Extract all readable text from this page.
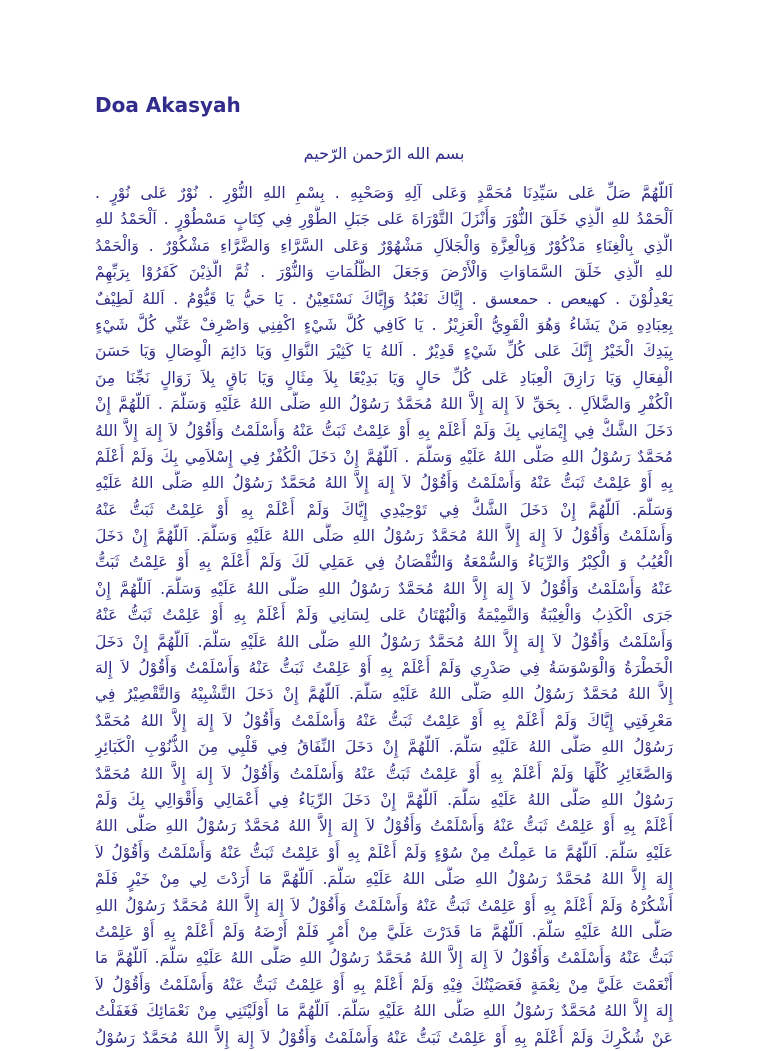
Doa Akasyah

بسم الله الرّحمن الرّحيم

اَللّهُمَّ صَلِّ عَلى سَيِّدِنَا مُحَمَّدٍ وَعَلى آلِهِ وَصَحْبِهِ . بِسْمِ اللهِ النُّوْرِ . نُوْرٌ عَلى نُوْرٍ .
اَلْحَمْدُ للهِ الَّذِي خَلَقَ النُّوْرَ وَأَنْزَلَ التَّوْرَاةَ عَلى جَبَلِ الطُّوْرِ فِي كِتَابٍ مَسْطُوْرٍ . اَلْحَمْدُ للهِ
الَّذِي بِالْغِنَاءِ مَذْكُوْرٌ وَبِالْعِزَّةِ وَالْجَلاَلِ مَشْهُوْرٌ وَعَلى السَّرَّاءِ وَالضَّرَّاءِ مَشْكُوْرٌ . وَالْحَمْدُ
للهِ الَّذِي خَلَقَ السَّمَاوَاتِ وَالْأَرْضَ وَجَعَلَ الظُّلُمَاتِ وَالنُّوْرَ . ثُمَّ الَّذِيْنَ كَفَرُوْا بِرَبِّهِمْ
يَعْدِلُوْنَ . كهيعص . حمعسق . إِيَّاكَ نَعْبُدُ وَإِيَّاكَ نَسْتَعِيْنُ . يَا حَيُّ يَا قَيُّوْمُ . اَللهُ لَطِيْفٌ
بِعِبَادِهِ مَنْ يَشَاءُ وَهُوَ الْقَوِيُّ الْعَزِيْزُ . يَا كَافِي كُلَّ شَيْءٍ اكْفِنِي وَاصْرِفْ عَنِّي كُلَّ شَيْءٍ
بِيَدِكَ الْخَيْرُ إِنَّكَ عَلى كُلِّ شَيْءٍ قَدِيْرٌ . اَللهُ يَا كَثِيْرَ النَّوَالِ وَيَا دَائِمَ الْوِصَالِ وَيَا حَسَنَ
الْفِعَالِ وَيَا رَازِقَ الْعِبَادِ عَلى كُلِّ حَالٍ وَيَا بَدِيْعًا بِلاَ مِثَالٍ وَيَا بَاقٍ بِلاَ زَوَالٍ نَجِّنَا مِنَ
الْكُفْرِ وَالضَّلاَلِ . بِحَقِّ لاَ إِلهَ إِلاَّ اللهُ مُحَمَّدٌ رَسُوْلُ اللهِ صَلَّى اللهُ عَلَيْهِ وَسَلَّمَ . اَللّهُمَّ إِنْ
دَخَلَ الشَّكُّ فِي إِيْمَانِي بِكَ وَلَمْ أَعْلَمْ بِهِ أَوْ عَلِمْتُ ثَبَتُّ عَنْهُ وَأَسْلَمْتُ وَأَقُوْلُ لاَ إِلهَ إِلاَّ اللهُ
مُحَمَّدٌ رَسُوْلُ اللهِ صَلَّى اللهُ عَلَيْهِ وَسَلَّمَ . اَللّهُمَّ إِنْ دَخَلَ الْكُفْرُ فِي إِسْلاَمِي بِكَ وَلَمْ أَعْلَمْ
بِهِ أَوْ عَلِمْتُ ثَبَتُّ عَنْهُ وَأَسْلَمْتُ وَأَقُوْلُ لاَ إِلهَ إِلاَّ اللهُ مُحَمَّدٌ رَسُوْلُ اللهِ صَلَّى اللهُ عَلَيْهِ
وَسَلَّمَ. اَللّهُمَّ إِنْ دَخَلَ الشَّكُّ فِي تَوْحِيْدِي إِيَّاكَ وَلَمْ أَعْلَمْ بِهِ أَوْ عَلِمْتُ ثَبَتُّ عَنْهُ
وَأَسْلَمْتُ وَأَقُوْلُ لاَ إِلهَ إِلاَّ اللهُ مُحَمَّدٌ رَسُوْلُ اللهِ صَلَّى اللهُ عَلَيْهِ وَسَلَّمَ. اَللّهُمَّ إِنْ دَخَلَ
الْعُيُبُ وَ الْكِبْرُ وَالرِّيَاءُ وَالسُّمْعَةُ وَالنُّقْصَانُ فِي عَمَلِي لَكَ وَلَمْ أَعْلَمْ بِهِ أَوْ عَلِمْتُ ثَبَتُّ
عَنْهُ وَأَسْلَمْتُ وَأَقُوْلُ لاَ إِلهَ إِلاَّ اللهُ مُحَمَّدٌ رَسُوْلُ اللهِ صَلَّى اللهُ عَلَيْهِ وَسَلَّمَ. اَللّهُمَّ إِنْ
جَرَى الْكَذِبُ وَالْغِيْبَةُ وَالنَّمِيْمَةُ وَالْبُهْتَانُ عَلى لِسَانِي وَلَمْ أَعْلَمْ بِهِ أَوْ عَلِمْتُ ثَبَتُّ عَنْهُ
وَأَسْلَمْتُ وَأَقُوْلُ لاَ إِلهَ إِلاَّ اللهُ مُحَمَّدٌ رَسُوْلُ اللهِ صَلَّى اللهُ عَلَيْهِ سَلَّمَ. اَللّهُمَّ إِنْ دَخَلَ
الْخَطْرَةُ وَالْوَسْوَسَةُ فِي صَدْرِي وَلَمْ أَعْلَمْ بِهِ أَوْ عَلِمْتُ ثَبَتُّ عَنْهُ وَأَسْلَمْتُ وَأَقُوْلُ لاَ إِلهَ
إِلاَّ اللهُ مُحَمَّدٌ رَسُوْلُ اللهِ صَلَّى اللهُ عَلَيْهِ سَلَّمَ. اَللّهُمَّ إِنْ دَخَلَ التَّشْبِيْهُ وَالتَّقْصِيْرُ فِي
مَعْرِفَتِي إِيَّاكَ وَلَمْ أَعْلَمْ بِهِ أَوْ عَلِمْتُ ثَبَتُّ عَنْهُ وَأَسْلَمْتُ وَأَقُوْلُ لاَ إِلهَ إِلاَّ اللهُ مُحَمَّدٌ
رَسُوْلُ اللهِ صَلَّى اللهُ عَلَيْهِ سَلَّمَ. اَللّهُمَّ إِنْ دَخَلَ النِّفَاقُ فِي قَلْبِي مِنَ الذُّنُوْبِ الْكَبَائِرِ
وَالصَّغَائِرِ كُلِّهَا وَلَمْ أَعْلَمْ بِهِ أَوْ عَلِمْتُ ثَبَتُّ عَنْهُ وَأَسْلَمْتُ وَأَقُوْلُ لاَ إِلهَ إِلاَّ اللهُ مُحَمَّدٌ
رَسُوْلُ اللهِ صَلَّى اللهُ عَلَيْهِ سَلَّمَ. اَللّهُمَّ إِنْ دَخَلَ الرِّيَاءُ فِي أَعْمَالِي وَأَقْوَالِي بِكَ وَلَمْ
أَعْلَمْ بِهِ أَوْ عَلِمْتُ ثَبَتُّ عَنْهُ وَأَسْلَمْتُ وَأَقُوْلُ لاَ إِلهَ إِلاَّ اللهُ مُحَمَّدٌ رَسُوْلُ اللهِ صَلَّى اللهُ
عَلَيْهِ سَلَّمَ. اَللّهُمَّ مَا عَمِلْتُ مِنْ سُوْءٍ وَلَمْ أَعْلَمْ بِهِ أَوْ عَلِمْتُ ثَبَتُّ عَنْهُ وَأَسْلَمْتُ وَأَقُوْلُ لاَ
إِلهَ إِلاَّ اللهُ مُحَمَّدٌ رَسُوْلُ اللهِ صَلَّى اللهُ عَلَيْهِ سَلَّمَ. اَللّهُمَّ مَا أَرَدْتَ لِي مِنْ خَيْرٍ فَلَمْ
أَشْكُرْهُ وَلَمْ أَعْلَمْ بِهِ أَوْ عَلِمْتُ ثَبَتُّ عَنْهُ وَأَسْلَمْتُ وَأَقُوْلُ لاَ إِلهَ إِلاَّ اللهُ مُحَمَّدٌ رَسُوْلُ اللهِ
صَلَّى اللهُ عَلَيْهِ سَلَّمَ. اَللّهُمَّ مَا قَدَرْتَ عَلَيَّ مِنْ أَمْرٍ فَلَمْ أَرْضَهُ وَلَمْ أَعْلَمْ بِهِ أَوْ عَلِمْتُ
ثَبَتُّ عَنْهُ وَأَسْلَمْتُ وَأَقُوْلُ لاَ إِلهَ إِلاَّ اللهُ مُحَمَّدٌ رَسُوْلُ اللهِ صَلَّى اللهُ عَلَيْهِ سَلَّمَ. اَللّهُمَّ مَا
أَنْعَمْتَ عَلَيَّ مِنْ نِعْمَةٍ فَعَصَيْتُكَ فِيْهِ وَلَمْ أَعْلَمْ بِهِ أَوْ عَلِمْتُ ثَبَتُّ عَنْهُ وَأَسْلَمْتُ وَأَقُوْلُ لاَ
إِلهَ إِلاَّ اللهُ مُحَمَّدٌ رَسُوْلُ اللهِ صَلَّى اللهُ عَلَيْهِ سَلَّمَ. اَللّهُمَّ مَا أَوْلَيْتَنِي مِنْ نَعْمَائِكَ فَغَفَلْتُ
عَنْ شُكْرِكَ وَلَمْ أَعْلَمْ بِهِ أَوْ عَلِمْتُ ثَبَتُّ عَنْهُ وَأَسْلَمْتُ وَأَقُوْلُ لاَ إِلهَ إِلاَّ اللهُ مُحَمَّدٌ رَسُوْلُ
